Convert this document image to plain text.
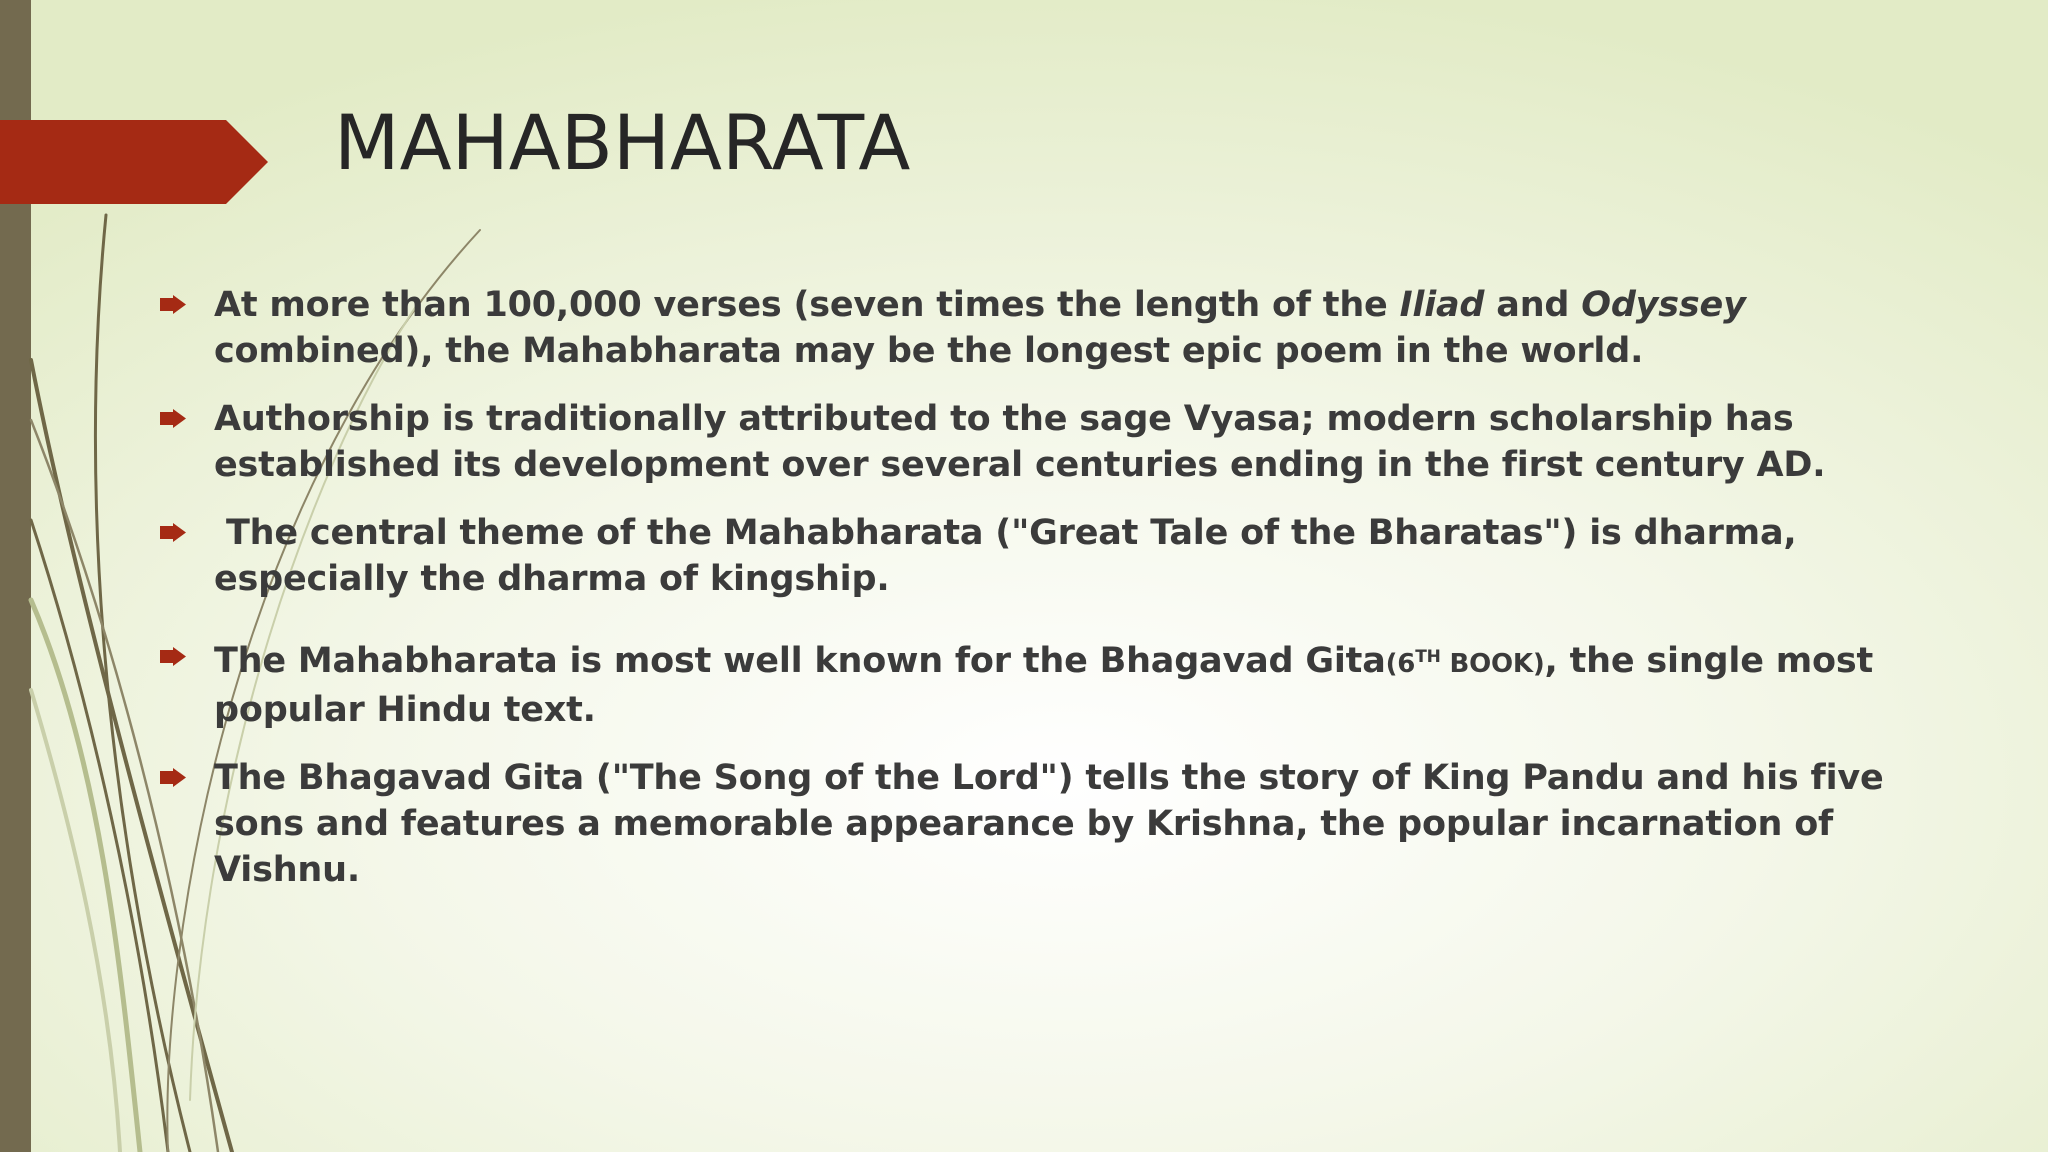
MAHABHARATA
At more than 100,000 verses (seven times the length of the Iliad and Odyssey combined), the Mahabharata may be the longest epic poem in the world.
Authorship is traditionally attributed to the sage Vyasa; modern scholarship has established its development over several centuries ending in the first century AD.
The central theme of the Mahabharata ("Great Tale of the Bharatas") is dharma, especially the dharma of kingship.
The Mahabharata is most well known for the Bhagavad Gita(6TH BOOK), the single most popular Hindu text.
The Bhagavad Gita ("The Song of the Lord") tells the story of King Pandu and his five sons and features a memorable appearance by Krishna, the popular incarnation of Vishnu.
